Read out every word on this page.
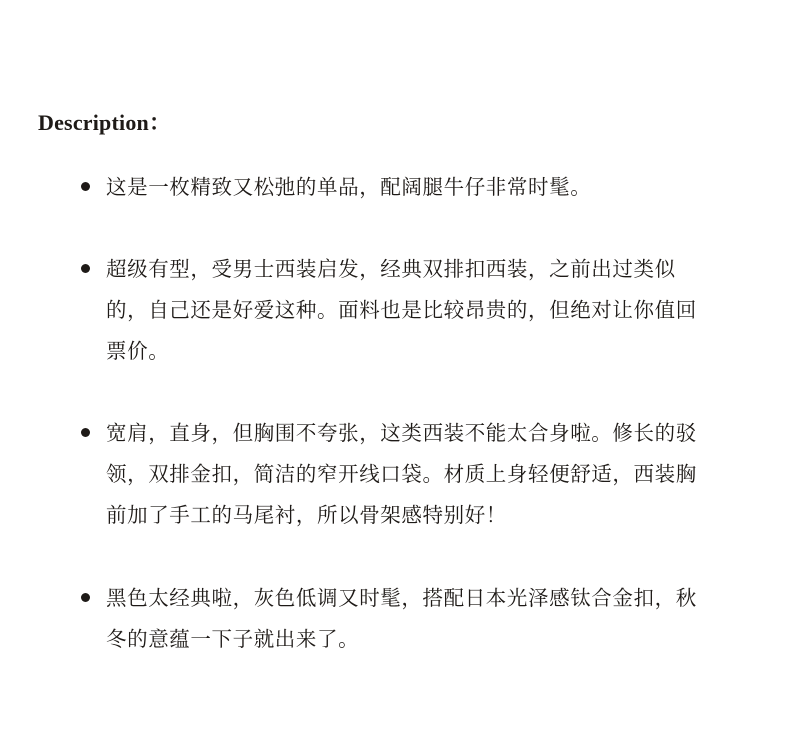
Description：
这是一枚精致又松弛的单品，配阔腿牛仔非常时髦。
超级有型，受男士西装启发，经典双排扣西装，之前出过类似的，自己还是好爱这种。面料也是比较昂贵的，但绝对让你值回票价。
宽肩，直身，但胸围不夸张，这类西装不能太合身啦。修长的驳领，双排金扣，简洁的窄开线口袋。材质上身轻便舒适，西装胸前加了手工的马尾衬，所以骨架感特别好！
黑色太经典啦，灰色低调又时髦，搭配日本光泽感钛合金扣，秋冬的意蕴一下子就出来了。
